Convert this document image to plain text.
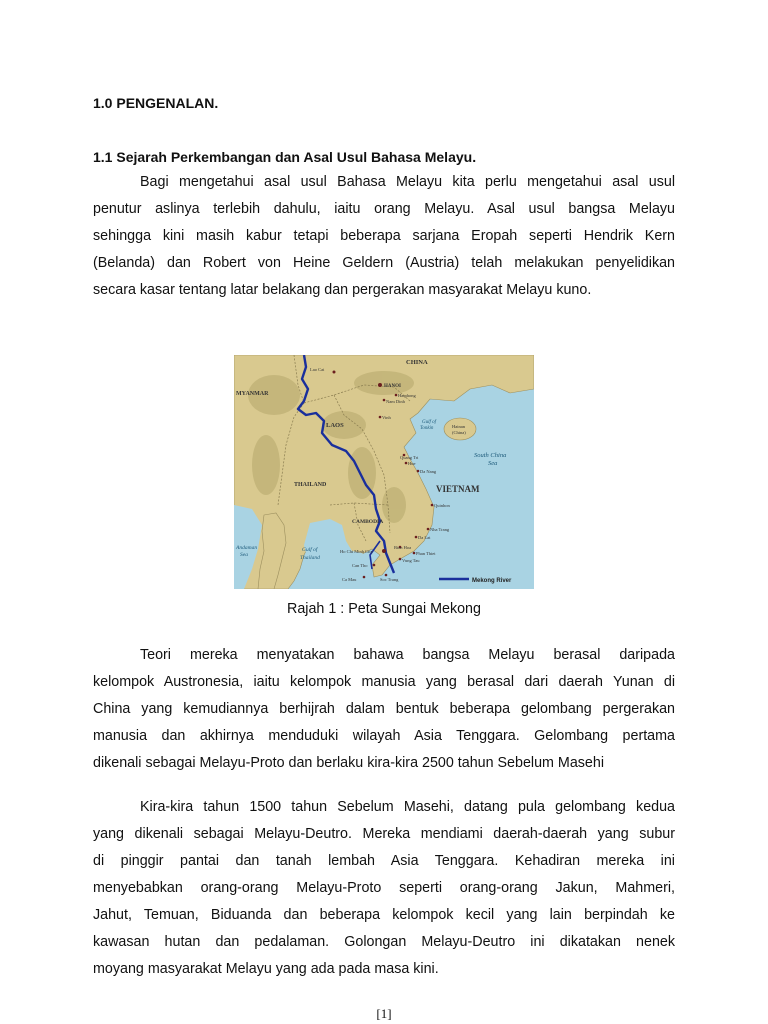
1.0 PENGENALAN.
1.1 Sejarah Perkembangan dan Asal Usul Bahasa Melayu.
Bagi mengetahui asal usul Bahasa Melayu kita perlu mengetahui asal usul
penutur aslinya terlebih dahulu, iaitu orang Melayu. Asal usul bangsa Melayu
sehingga kini masih kabur tetapi beberapa sarjana Eropah seperti Hendrik Kern
(Belanda) dan Robert von Heine Geldern (Austria) telah melakukan penyelidikan
secara kasar tentang latar belakang dan pergerakan masyarakat Melayu kuno.
CHINA
MYANMAR
LAOS
THAILAND	VIETNAM
CAMBODIA
Andaman
Sea
Gulf of
Thailand
South China
Sea
Gulf of
Tonkin	Hainan
(China)
Lao Cai
HANOI
Haiphong
Nam Dinh
Vinh
Quang Tri
Hue
Da Nang
Quinhon
Nha Trang
Da Lat
Bien Hoa
Phan Thiet
Vung Tau
Ho Chi Minh City
Can Tho
Ca Mau	Soc Trang	Mekong River
Rajah 1 : Peta Sungai Mekong
Teori mereka menyatakan bahawa bangsa Melayu berasal daripada
kelompok Austronesia, iaitu kelompok manusia yang berasal dari daerah Yunan di
China yang kemudiannya berhijrah dalam bentuk beberapa gelombang pergerakan
manusia dan akhirnya menduduki wilayah Asia Tenggara. Gelombang pertama
dikenali sebagai Melayu-Proto dan berlaku kira-kira 2500 tahun Sebelum Masehi
Kira-kira tahun 1500 tahun Sebelum Masehi, datang pula gelombang kedua
yang dikenali sebagai Melayu-Deutro. Mereka mendiami daerah-daerah yang subur
di pinggir pantai dan tanah lembah Asia Tenggara. Kehadiran mereka ini
menyebabkan orang-orang Melayu-Proto seperti orang-orang Jakun, Mahmeri,
Jahut, Temuan, Biduanda dan beberapa kelompok kecil yang lain berpindah ke
kawasan hutan dan pedalaman. Golongan Melayu-Deutro ini dikatakan nenek
moyang masyarakat Melayu yang ada pada masa kini.
[1]
